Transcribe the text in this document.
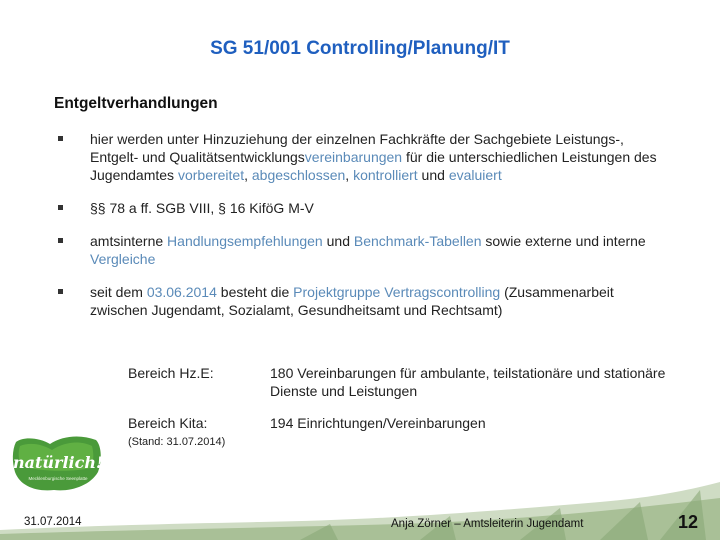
SG 51/001 Controlling/Planung/IT
Entgeltverhandlungen
hier werden unter Hinzuziehung der einzelnen Fachkräfte der Sachgebiete Leistungs-, Entgelt- und Qualitätsentwicklungsvereinbarungen für die unterschiedlichen Leistungen des Jugendamtes vorbereitet, abgeschlossen, kontrolliert und evaluiert
§§ 78 a ff. SGB VIII, § 16 KiföG M-V
amtsinterne Handlungsempfehlungen und Benchmark-Tabellen sowie externe und interne Vergleiche
seit dem 03.06.2014 besteht die Projektgruppe Vertragscontrolling (Zusammenarbeit zwischen Jugendamt, Sozialamt, Gesundheitsamt und Rechtsamt)
Bereich Hz.E:	180 Vereinbarungen für ambulante, teilstationäre und stationäre Dienste und Leistungen
Bereich Kita:	194 Einrichtungen/Vereinbarungen
(Stand: 31.07.2014)
natürlich!
Mecklenburgische Seenplatte
31.07.2014	Anja Zörner – Amtsleiterin Jugendamt	12
